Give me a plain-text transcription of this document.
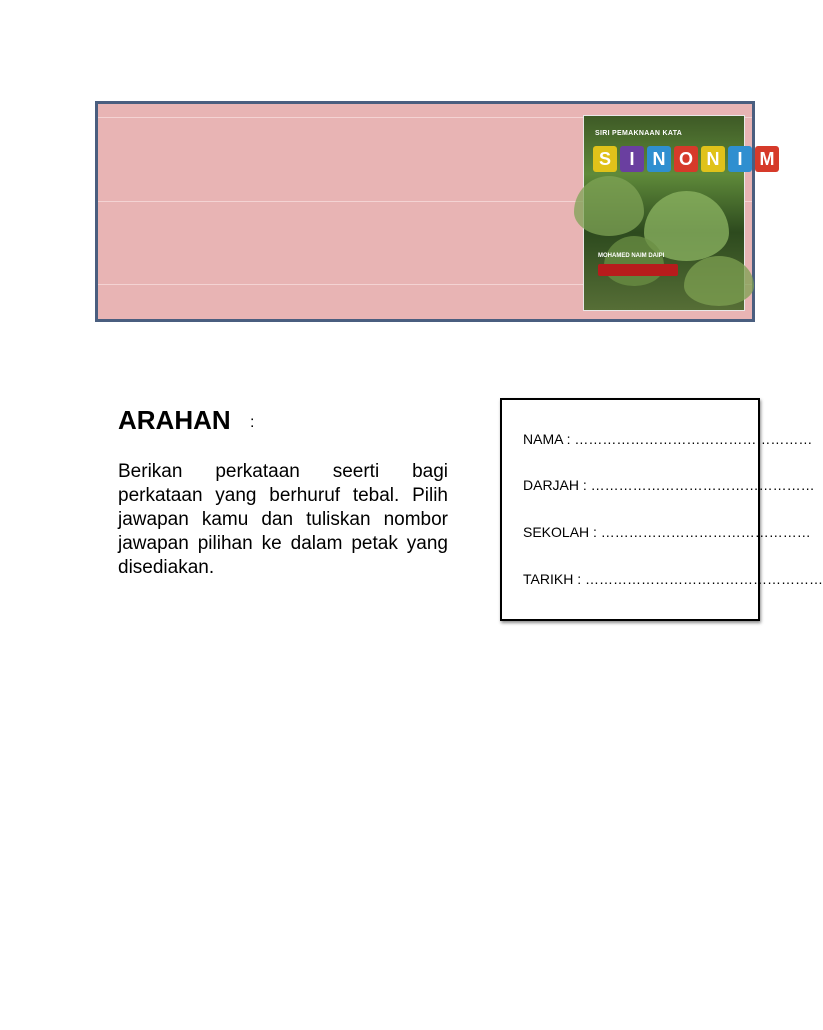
SIRI PEMAKNAAN KATA
S I N O N I M
MOHAMED NAIM DAIPI
ARAHAN :

Berikan perkataan seerti bagi perkataan yang berhuruf tebal. Pilih jawapan kamu dan tuliskan nombor jawapan pilihan ke dalam petak yang disediakan.

NAMA : ……………………………………………
DARJAH : …………………………………………
SEKOLAH : ………………………………………
TARIKH : ……………………………………………
